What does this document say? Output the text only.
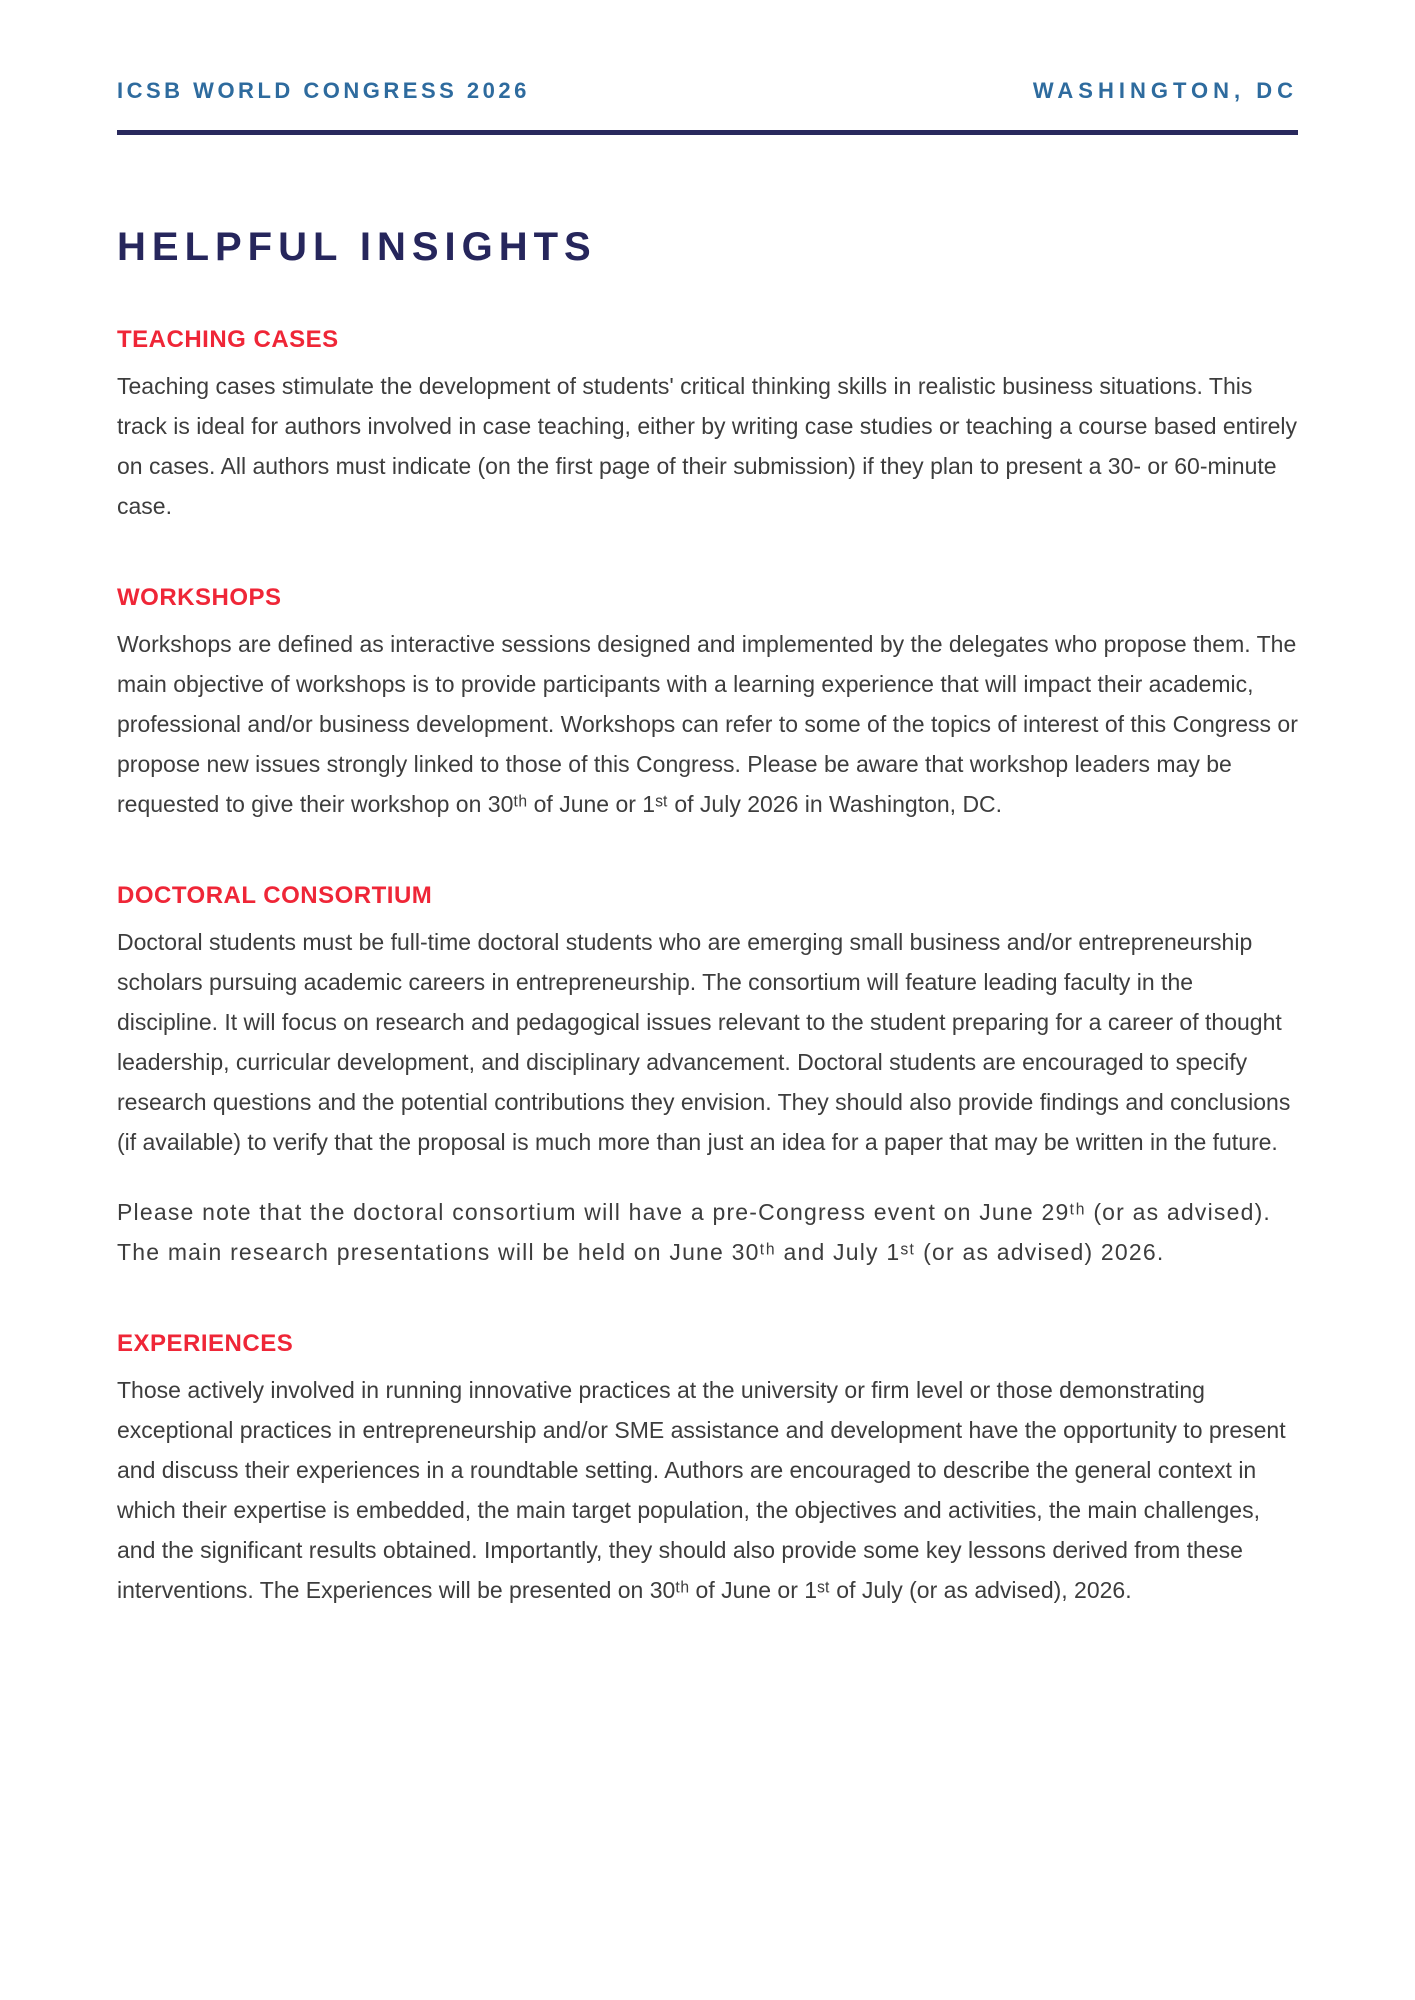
ICSB WORLD CONGRESS 2026	WASHINGTON, DC
HELPFUL INSIGHTS
TEACHING CASES

Teaching cases stimulate the development of students' critical thinking skills in realistic business situations. This track is ideal for authors involved in case teaching, either by writing case studies or teaching a course based entirely on cases. All authors must indicate (on the first page of their submission) if they plan to present a 30- or 60-minute case.

WORKSHOPS

Workshops are defined as interactive sessions designed and implemented by the delegates who propose them. The main objective of workshops is to provide participants with a learning experience that will impact their academic, professional and/or business development. Workshops can refer to some of the topics of interest of this Congress or propose new issues strongly linked to those of this Congress. Please be aware that workshop leaders may be requested to give their workshop on 30ᵗʰ of June or 1ˢᵗ of July 2026 in Washington, DC.

DOCTORAL CONSORTIUM

Doctoral students must be full-time doctoral students who are emerging small business and/or entrepreneurship scholars pursuing academic careers in entrepreneurship. The consortium will feature leading faculty in the discipline. It will focus on research and pedagogical issues relevant to the student preparing for a career of thought leadership, curricular development, and disciplinary advancement. Doctoral students are encouraged to specify research questions and the potential contributions they envision. They should also provide findings and conclusions (if available) to verify that the proposal is much more than just an idea for a paper that may be written in the future.

Please note that the doctoral consortium will have a pre-Congress event on June 29ᵗʰ (or as advised). The main research presentations will be held on June 30ᵗʰ and July 1ˢᵗ (or as advised) 2026.

EXPERIENCES

Those actively involved in running innovative practices at the university or firm level or those demonstrating exceptional practices in entrepreneurship and/or SME assistance and development have the opportunity to present and discuss their experiences in a roundtable setting. Authors are encouraged to describe the general context in which their expertise is embedded, the main target population, the objectives and activities, the main challenges, and the significant results obtained. Importantly, they should also provide some key lessons derived from these interventions. The Experiences will be presented on 30ᵗʰ of June or 1ˢᵗ of July (or as advised), 2026.
